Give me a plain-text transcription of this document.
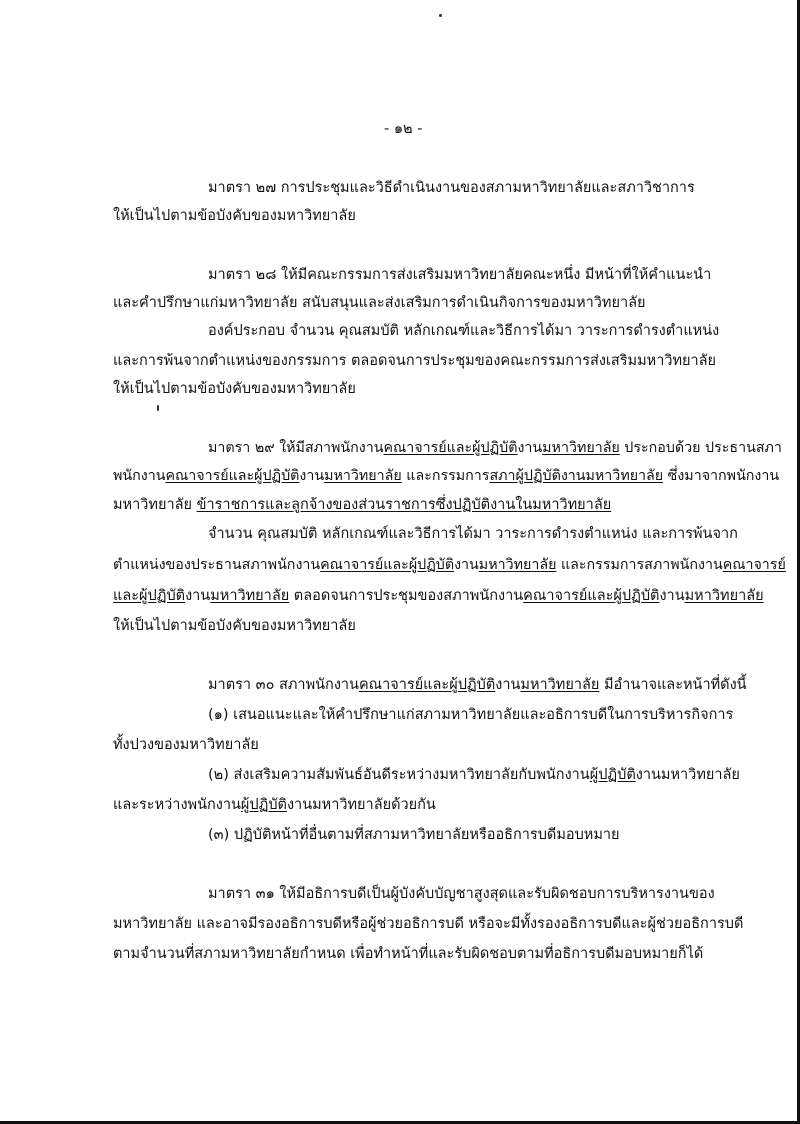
- ๑๒ -
มาตรา ๒๗ การประชุมและวิธีดำเนินงานของสภามหาวิทยาลัยและสภาวิชาการ
ให้เป็นไปตามข้อบังคับของมหาวิทยาลัย
มาตรา ๒๘ ให้มีคณะกรรมการส่งเสริมมหาวิทยาลัยคณะหนึ่ง มีหน้าที่ให้คำแนะนำ
และคำปรึกษาแก่มหาวิทยาลัย สนับสนุนและส่งเสริมการดำเนินกิจการของมหาวิทยาลัย
องค์ประกอบ จำนวน คุณสมบัติ หลักเกณฑ์และวิธีการได้มา วาระการดำรงตำแหน่ง
และการพ้นจากตำแหน่งของกรรมการ ตลอดจนการประชุมของคณะกรรมการส่งเสริมมหาวิทยาลัย
ให้เป็นไปตามข้อบังคับของมหาวิทยาลัย
มาตรา ๒๙ ให้มีสภาพนักงานคณาจารย์และผู้ปฏิบัติงานมหาวิทยาลัย ประกอบด้วย ประธานสภา
พนักงานคณาจารย์และผู้ปฏิบัติงานมหาวิทยาลัย และกรรมการสภาผู้ปฏิบัติงานมหาวิทยาลัย ซึ่งมาจากพนักงาน
มหาวิทยาลัย ข้าราชการและลูกจ้างของส่วนราชการซึ่งปฏิบัติงานในมหาวิทยาลัย
จำนวน คุณสมบัติ หลักเกณฑ์และวิธีการได้มา วาระการดำรงตำแหน่ง และการพ้นจาก
ตำแหน่งของประธานสภาพนักงานคณาจารย์และผู้ปฏิบัติงานมหาวิทยาลัย และกรรมการสภาพนักงานคณาจารย์
และผู้ปฏิบัติงานมหาวิทยาลัย ตลอดจนการประชุมของสภาพนักงานคณาจารย์และผู้ปฏิบัติงานมหาวิทยาลัย
ให้เป็นไปตามข้อบังคับของมหาวิทยาลัย
มาตรา ๓๐ สภาพนักงานคณาจารย์และผู้ปฏิบัติงานมหาวิทยาลัย มีอำนาจและหน้าที่ดังนี้
(๑) เสนอแนะและให้คำปรึกษาแก่สภามหาวิทยาลัยและอธิการบดีในการบริหารกิจการ
ทั้งปวงของมหาวิทยาลัย
(๒) ส่งเสริมความสัมพันธ์อันดีระหว่างมหาวิทยาลัยกับพนักงานผู้ปฏิบัติงานมหาวิทยาลัย
และระหว่างพนักงานผู้ปฏิบัติงานมหาวิทยาลัยด้วยกัน
(๓) ปฏิบัติหน้าที่อื่นตามที่สภามหาวิทยาลัยหรืออธิการบดีมอบหมาย
มาตรา ๓๑ ให้มีอธิการบดีเป็นผู้บังคับบัญชาสูงสุดและรับผิดชอบการบริหารงานของ
มหาวิทยาลัย และอาจมีรองอธิการบดีหรือผู้ช่วยอธิการบดี หรือจะมีทั้งรองอธิการบดีและผู้ช่วยอธิการบดี
ตามจำนวนที่สภามหาวิทยาลัยกำหนด เพื่อทำหน้าที่และรับผิดชอบตามที่อธิการบดีมอบหมายก็ได้
